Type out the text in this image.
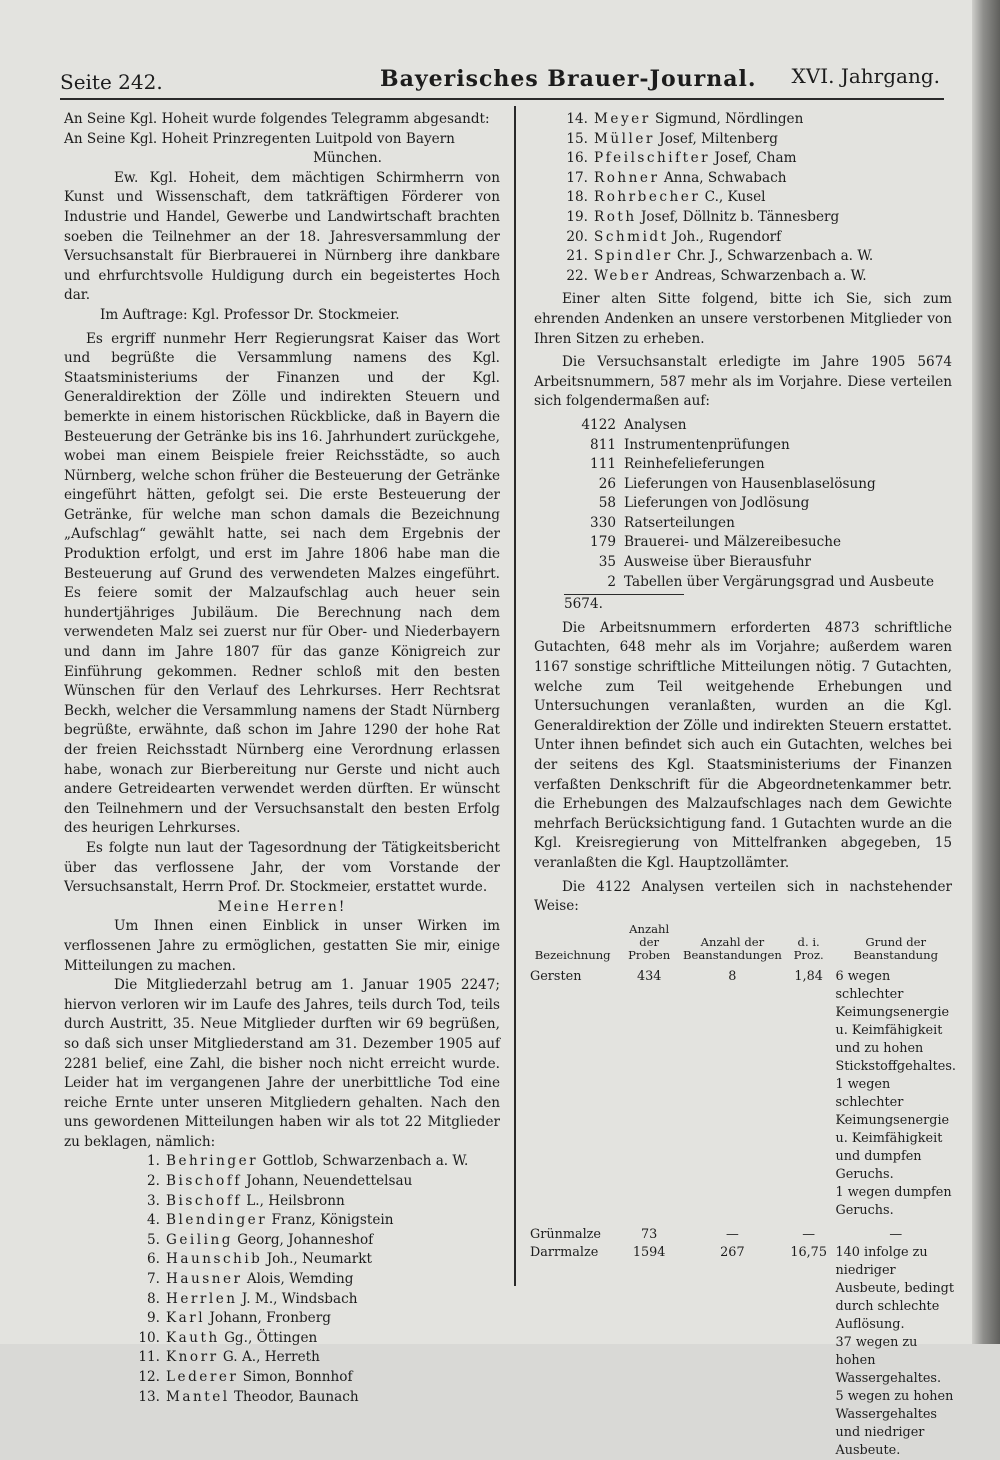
Seite 242.	Bayerisches Brauer-Journal. XVI. Jahrgang.

An Seine Kgl. Hoheit wurde folgendes Telegramm abgesandt:

An Seine Kgl. Hoheit Prinzregenten Luitpold von Bayern

München.

Ew. Kgl. Hoheit, dem mächtigen Schirmherrn von Kunst und Wissenschaft, dem tatkräftigen Förderer von Industrie und Handel, Gewerbe und Landwirtschaft brachten soeben die Teilnehmer an der 18. Jahresversammlung der Versuchsanstalt für Bierbrauerei in Nürnberg ihre dankbare und ehrfurchtsvolle Huldigung durch ein begeistertes Hoch dar.

Im Auftrage: Kgl. Professor Dr. Stockmeier.

Es ergriff nunmehr Herr Regierungsrat Kaiser das Wort und begrüßte die Versammlung namens des Kgl. Staatsministeriums der Finanzen und der Kgl. Generaldirektion der Zölle und indirekten Steuern und bemerkte in einem historischen Rückblicke, daß in Bayern die Besteuerung der Getränke bis ins 16. Jahrhundert zurückgehe, wobei man einem Beispiele freier Reichsstädte, so auch Nürnberg, welche schon früher die Besteuerung der Getränke eingeführt hätten, gefolgt sei. Die erste Besteuerung der Getränke, für welche man schon damals die Bezeichnung „Aufschlag“ gewählt hatte, sei nach dem Ergebnis der Produktion erfolgt, und erst im Jahre 1806 habe man die Besteuerung auf Grund des verwendeten Malzes eingeführt. Es feiere somit der Malzaufschlag auch heuer sein hundertjähriges Jubiläum. Die Berechnung nach dem verwendeten Malz sei zuerst nur für Ober- und Niederbayern und dann im Jahre 1807 für das ganze Königreich zur Einführung gekommen. Redner schloß mit den besten Wünschen für den Verlauf des Lehrkurses. Herr Rechtsrat Beckh, welcher die Versammlung namens der Stadt Nürnberg begrüßte, erwähnte, daß schon im Jahre 1290 der hohe Rat der freien Reichsstadt Nürnberg eine Verordnung erlassen habe, wonach zur Bierbereitung nur Gerste und nicht auch andere Getreidearten verwendet werden dürften. Er wünscht den Teilnehmern und der Versuchsanstalt den besten Erfolg des heurigen Lehrkurses.

Es folgte nun laut der Tagesordnung der Tätigkeitsbericht über das verflossene Jahr, der vom Vorstande der Versuchsanstalt, Herrn Prof. Dr. Stockmeier, erstattet wurde.

Meine Herren!

Um Ihnen einen Einblick in unser Wirken im verflossenen Jahre zu ermöglichen, gestatten Sie mir, einige Mitteilungen zu machen.

Die Mitgliederzahl betrug am 1. Januar 1905 2247; hiervon verloren wir im Laufe des Jahres, teils durch Tod, teils durch Austritt, 35. Neue Mitglieder durften wir 69 begrüßen, so daß sich unser Mitgliederstand am 31. Dezember 1905 auf 2281 belief, eine Zahl, die bisher noch nicht erreicht wurde. Leider hat im vergangenen Jahre der unerbittliche Tod eine reiche Ernte unter unseren Mitgliedern gehalten. Nach den uns gewordenen Mitteilungen haben wir als tot 22 Mitglieder zu beklagen, nämlich:

1. Behringer Gottlob, Schwarzenbach a. W.
2. Bischoff Johann, Neuendettelsau
3. Bischoff L., Heilsbronn
4. Blendinger Franz, Königstein
5. Geiling Georg, Johanneshof
6. Haunschib Joh., Neumarkt
7. Hausner Alois, Wemding
8. Herrlen J. M., Windsbach
9. Karl Johann, Fronberg
10. Kauth Gg., Öttingen
11. Knorr G. A., Herreth
12. Lederer Simon, Bonnhof
13. Mantel Theodor, Baunach
14. Meyer Sigmund, Nördlingen
15. Müller Josef, Miltenberg
16. Pfeilschifter Josef, Cham
17. Rohner Anna, Schwabach
18. Rohrbecher C., Kusel
19. Roth Josef, Döllnitz b. Tännesberg
20. Schmidt Joh., Rugendorf
21. Spindler Chr. J., Schwarzenbach a. W.
22. Weber Andreas, Schwarzenbach a. W.

Einer alten Sitte folgend, bitte ich Sie, sich zum ehrenden Andenken an unsere verstorbenen Mitglieder von Ihren Sitzen zu erheben.

Die Versuchsanstalt erledigte im Jahre 1905 5674 Arbeitsnummern, 587 mehr als im Vorjahre. Diese verteilen sich folgendermaßen auf:

4122 Analysen
811 Instrumentenprüfungen
111 Reinhefelieferungen
26 Lieferungen von Hausenblaselösung
58 Lieferungen von Jodlösung
330 Ratserteilungen
179 Brauerei- und Mälzereibesuche
35 Ausweise über Bierausfuhr
2 Tabellen über Vergärungsgrad und Ausbeute
5674.

Die Arbeitsnummern erforderten 4873 schriftliche Gutachten, 648 mehr als im Vorjahre; außerdem waren 1167 sonstige schriftliche Mitteilungen nötig. 7 Gutachten, welche zum Teil weitgehende Erhebungen und Untersuchungen veranlaßten, wurden an die Kgl. Generaldirektion der Zölle und indirekten Steuern erstattet. Unter ihnen befindet sich auch ein Gutachten, welches bei der seitens des Kgl. Staatsministeriums der Finanzen verfaßten Denkschrift für die Abgeordnetenkammer betr. die Erhebungen des Malzaufschlages nach dem Gewichte mehrfach Berücksichtigung fand. 1 Gutachten wurde an die Kgl. Kreisregierung von Mittelfranken abgegeben, 15 veranlaßten die Kgl. Hauptzollämter.

Die 4122 Analysen verteilen sich in nachstehender Weise:

Bezeichnung	Anzahl der Proben	Anzahl der Beanstandungen	d. i. Proz.	Grund der Beanstandung
Gersten	434	8	1,84	6 wegen schlechter Keimungsenergie u. Keimfähigkeit und zu hohen Stickstoffgehaltes.
1 wegen schlechter Keimungsenergie u. Keimfähigkeit und dumpfen Geruchs.
1 wegen dumpfen Geruchs.

Grünmalze	73	—	—	—
Darrmalze	1594	267	16,75	140 infolge zu niedriger Ausbeute, bedingt durch schlechte Auflösung.
37 wegen zu hohen Wassergehaltes.
5 wegen zu hohen Wassergehaltes und niedriger Ausbeute.
